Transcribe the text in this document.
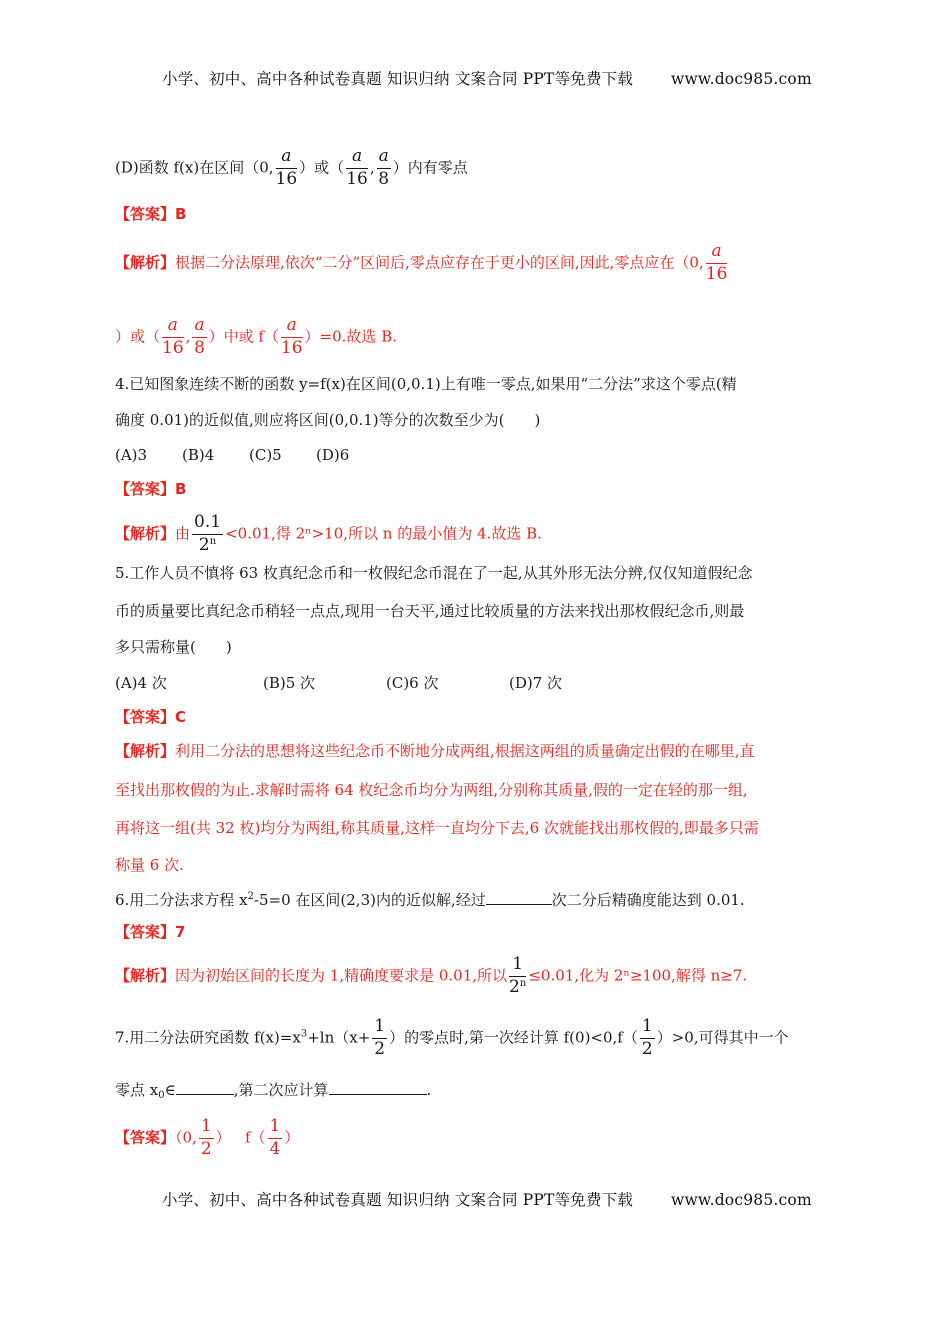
小学、初中、高中各种试卷真题 知识归纳 文案合同 PPT等免费下载 www.doc985.com
(D)函数 f(x)在区间（0, $\frac{a}{16}$ ）或（ $\frac{a}{16}$ , $\frac{a}{8}$ ）内有零点
【答案】B
【解析】根据二分法原理,依次“二分”区间后,零点应存在于更小的区间,因此,零点应在（0, $\frac{a}{16}$
）或（ $\frac{a}{16}$ , $\frac{a}{8}$ ）中或 $f( \frac{a}{16} )=0$.故选 B.
4.已知图象连续不断的函数 y=f(x)在区间(0,0.1)上有唯一零点,如果用“二分法”求这个零点(精
确度 0.01)的近似值,则应将区间(0,0.1)等分的次数至少为(　　)
(A)3 (B)4 (C)5 (D)6
【答案】B
【解析】由 $\frac{0.1}{2^n} <0.01$,得 2ⁿ>10,所以 n 的最小值为 4.故选 B.
5.工作人员不慎将 63 枚真纪念币和一枚假纪念币混在了一起,从其外形无法分辨,仅仅知道假纪念
币的质量要比真纪念币稍轻一点点,现用一台天平,通过比较质量的方法来找出那枚假纪念币,则最
多只需称量(　　)
(A)4 次	(B)5 次	(C)6 次	(D)7 次
【答案】C
【解析】利用二分法的思想将这些纪念币不断地分成两组,根据这两组的质量确定出假的在哪里,直
至找出那枚假的为止.求解时需将 64 枚纪念币均分为两组,分别称其质量,假的一定在轻的那一组,
再将这一组(共 32 枚)均分为两组,称其质量,这样一直均分下去,6 次就能找出那枚假的,即最多只需
称量 6 次.
6.用二分法求方程 $x^2-5=0$ 在区间(2,3)内的近似解,经过	次二分后精确度能达到 0.01.
【答案】7
【解析】因为初始区间的长度为 1,精确度要求是 0.01,所以 $\frac{1}{2^n} \le 0.01$,化为 2ⁿ≥100,解得 n≥7.
7.用二分法研究函数 $f(x)=x^3+\ln(x+ \frac{1}{2}$ ）的零点时,第一次经计算 $f(0)<0,f( \frac{1}{2} )>0$,可得其中一个
零点 $x_0\in$	,第二次应计算	.
【答案】（0, $\frac{1}{2}$ ） $f( \frac{1}{4}$ ）
小学、初中、高中各种试卷真题 知识归纳 文案合同 PPT等免费下载 www.doc985.com
